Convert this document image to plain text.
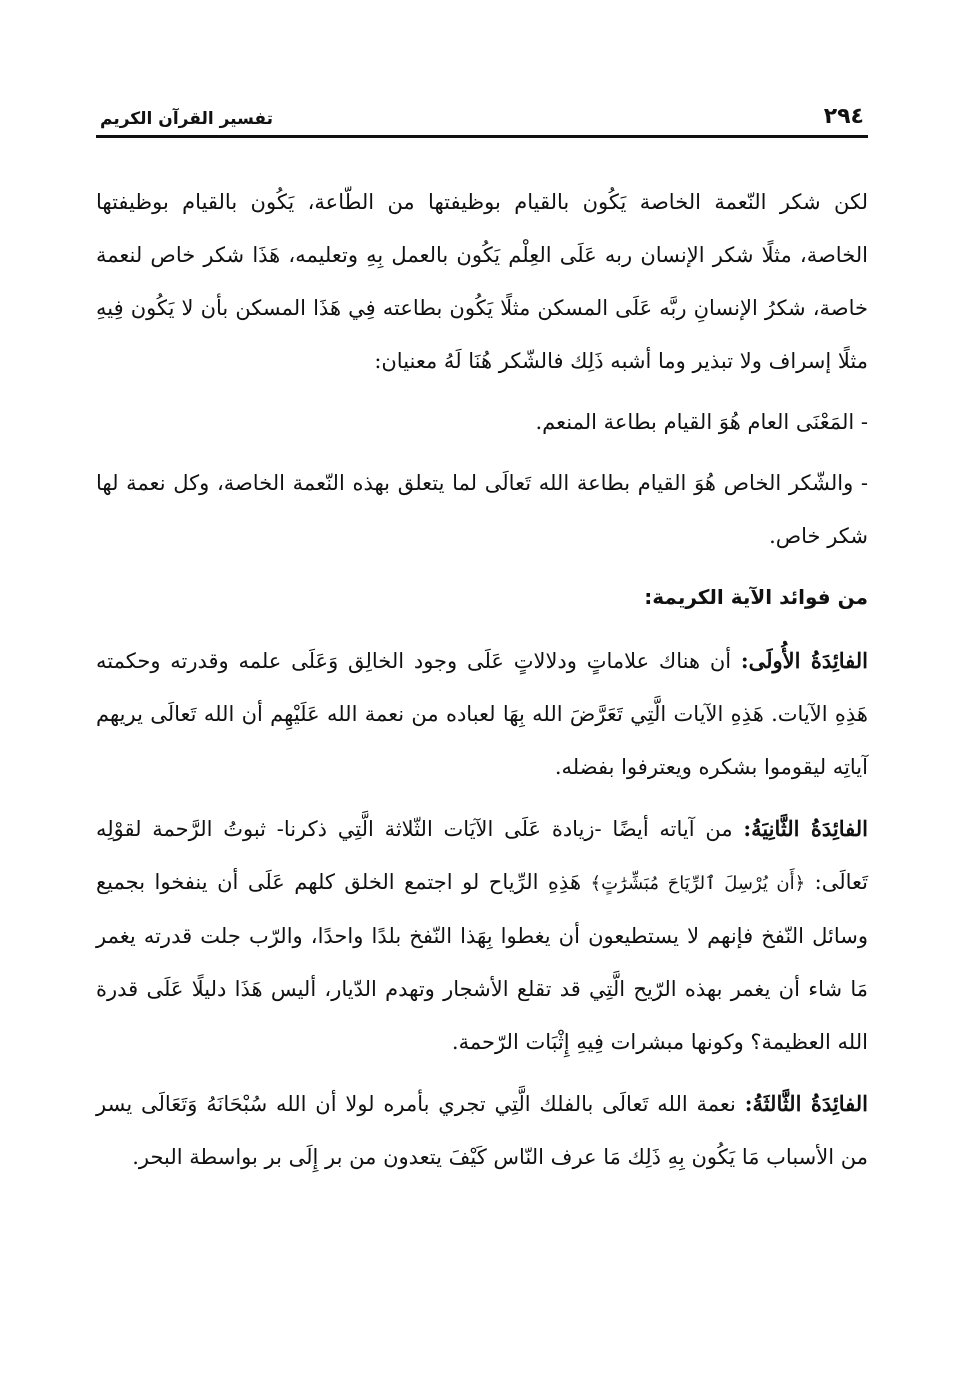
٢٩٤
تفسير القرآن الكريم

لكن شكر النّعمة الخاصة يَكُون بالقيام بوظيفتها من الطّاعة، يَكُون بالقيام بوظيفتها الخاصة، مثلًا شكر الإنسان ربه عَلَى العِلْم يَكُون بالعمل بِهِ وتعليمه، هَذَا شكر خاص لنعمة خاصة، شكرُ الإنسانِ ربَّه عَلَى المسكن مثلًا يَكُون بطاعته فِي هَذَا المسكن بأن لا يَكُون فِيهِ مثلًا إسراف ولا تبذير وما أشبه ذَلِك فالشّكر هُنَا لَهُ معنيان:

- المَعْنَى العام هُوَ القيام بطاعة المنعم.

- والشّكر الخاص هُوَ القيام بطاعة الله تَعالَى لما يتعلق بهذه النّعمة الخاصة، وكل نعمة لها شكر خاص.

من فوائد الآية الكريمة:

الفائِدَةُ الأُولَى: أن هناك علاماتٍ ودلالاتٍ عَلَى وجود الخالِق وَعَلَى علمه وقدرته وحكمته هَذِهِ الآيات. هَذِهِ الآيات الَّتِي تَعَرَّضَ الله بِهَا لعباده من نعمة الله عَلَيْهِم أن الله تَعالَى يريهم آياتِه ليقوموا بشكره ويعترفوا بفضله.

الفائِدَةُ الثَّانِيَةُ: من آياته أيضًا -زيادة عَلَى الآيَات الثّلاثة الَّتِي ذكرنا- ثبوتُ الرَّحمة لقوْلِه تَعالَى: ﴿أَن يُرْسِلَ ٱلرِّيَاحَ مُبَشِّرَٰتٍ﴾ هَذِهِ الرِّياح لو اجتمع الخلق كلهم عَلَى أن ينفخوا بجميع وسائل النّفخ فإنهم لا يستطيعون أن يغطوا بِهَذا النّفخ بلدًا واحدًا، والرّب جلت قدرته يغمر مَا شاء أن يغمر بهذه الرّيح الَّتِي قد تقلع الأشجار وتهدم الدّيار، أليس هَذَا دليلًا عَلَى قدرة الله العظيمة؟ وكونها مبشرات فِيهِ إِثْبَات الرّحمة.

الفائِدَةُ الثَّالثَةُ: نعمة الله تَعالَى بالفلك الَّتِي تجري بأمره لولا أن الله سُبْحَانَهُ وَتَعَالَى يسر من الأسباب مَا يَكُون بِهِ ذَلِك مَا عرف النّاس كَيْفَ يتعدون من بر إِلَى بر بواسطة البحر.
